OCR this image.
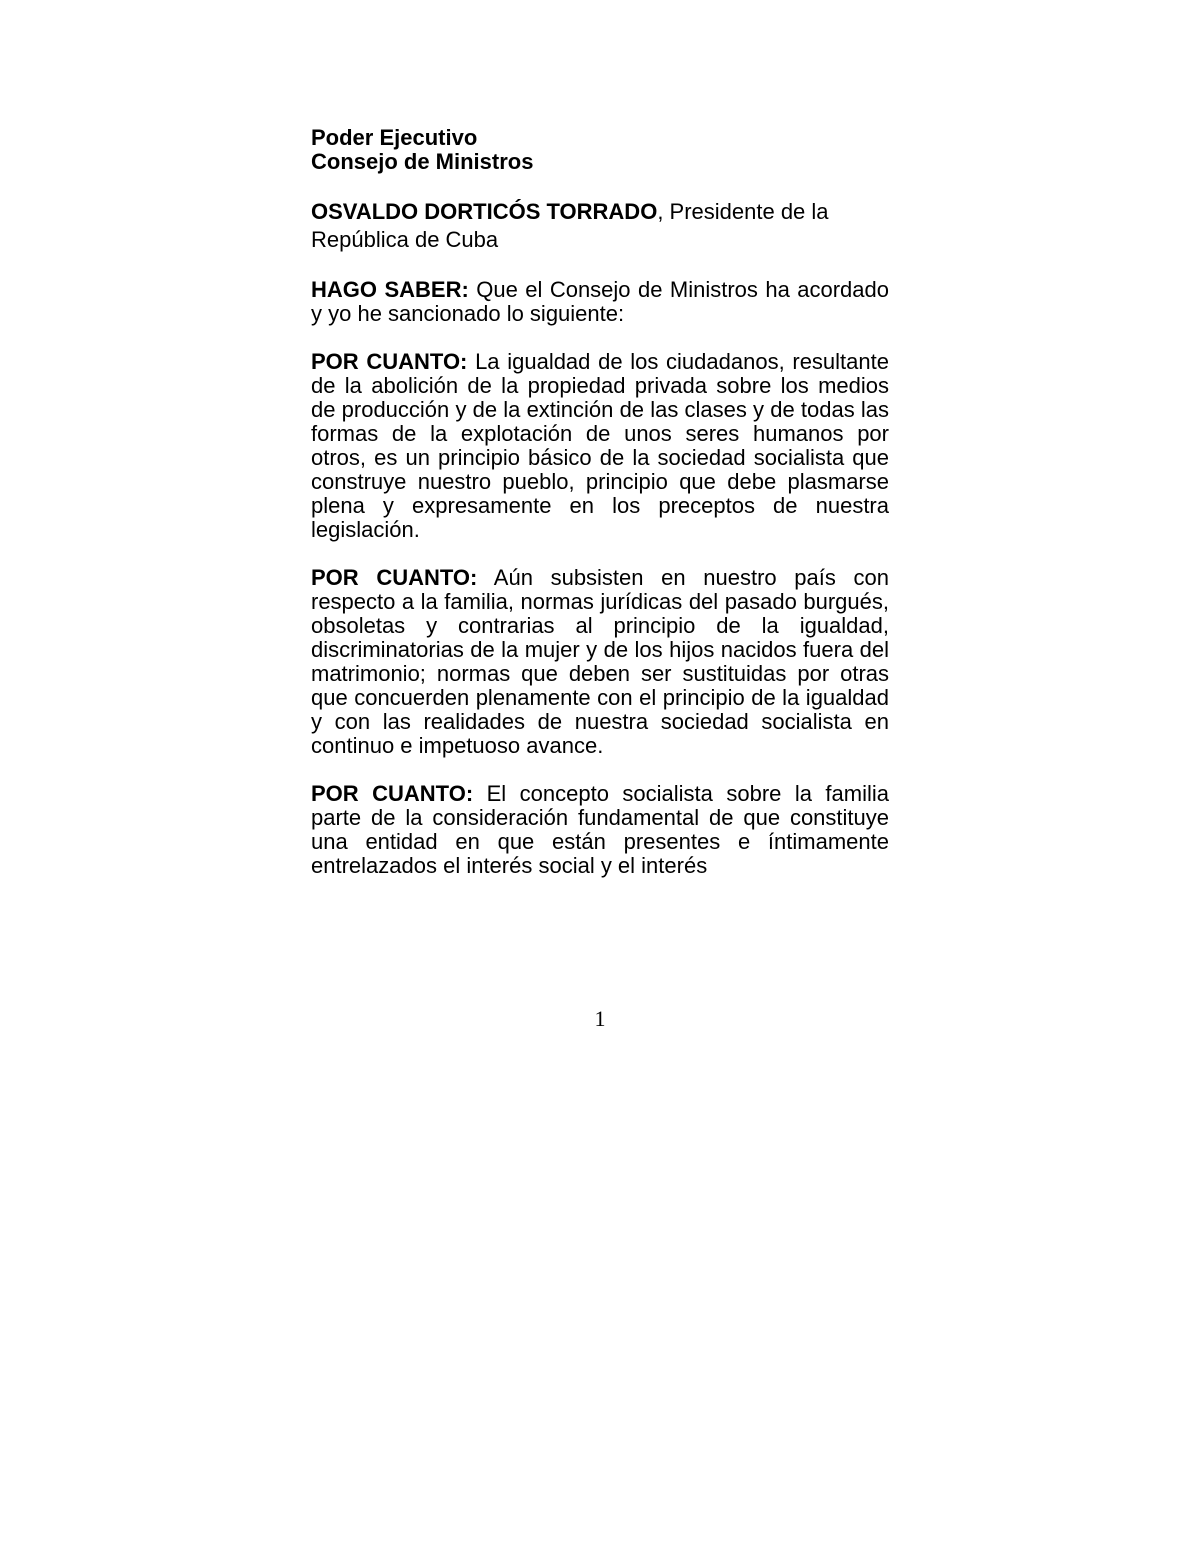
Poder Ejecutivo

Consejo de Ministros

OSVALDO DORTICÓS TORRADO, Presidente de la República de Cuba

HAGO SABER: Que el Consejo de Ministros ha acordado y yo he sancionado lo siguiente:

POR CUANTO: La igualdad de los ciudadanos, resultante de la abolición de la propiedad privada sobre los medios de producción y de la extinción de las clases y de todas las formas de la explotación de unos seres humanos por otros, es un principio básico de la sociedad socialista que construye nuestro pueblo, principio que debe plasmarse plena y expresamente en los preceptos de nuestra legislación.

POR CUANTO: Aún subsisten en nuestro país con respecto a la familia, normas jurídicas del pasado burgués, obsoletas y contrarias al principio de la igualdad, discriminatorias de la mujer y de los hijos nacidos fuera del matrimonio; normas que deben ser sustituidas por otras que concuerden plenamente con el principio de la igualdad y con las realidades de nuestra sociedad socialista en continuo e impetuoso avance.

POR CUANTO: El concepto socialista sobre la familia parte de la consideración fundamental de que constituye una entidad en que están presentes e íntimamente entrelazados el interés social y el interés

1
